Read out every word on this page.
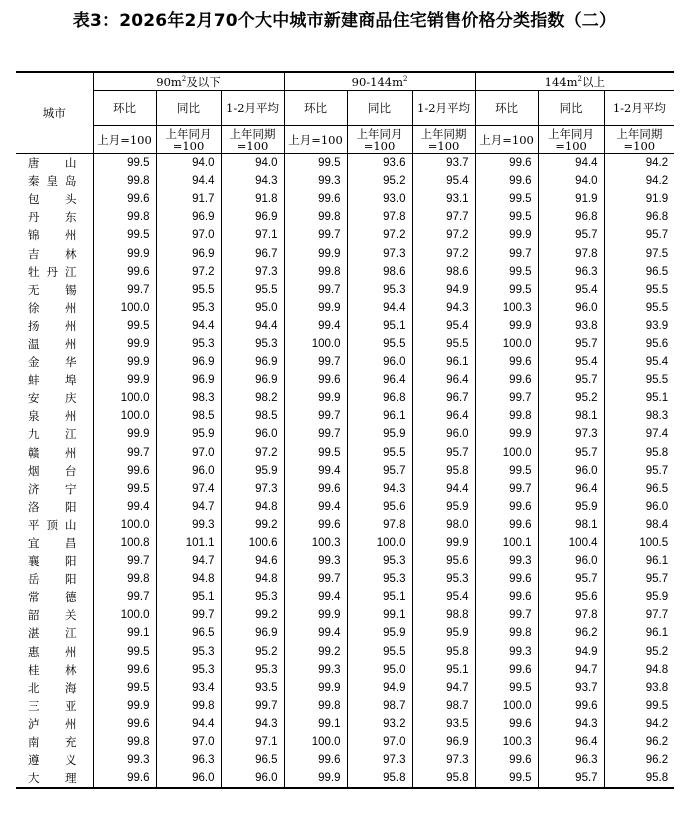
表3：2026年2月70个大中城市新建商品住宅销售价格分类指数（二）
城市	$90m^2$及以下			$90-144m^2$			$144m^2$以上		
	环比	同比	1-2月平均	环比	同比	1-2月平均	环比	同比	1-2月平均
	上月=100	上年同月=100	上年同期=100	上月=100	上年同月=100	上年同期=100	上月=100	上年同月=100	上年同期=100
唐山	99.5	94.0	94.0	99.5	93.6	93.7	99.6	94.4	94.2
秦皇岛	99.8	94.4	94.3	99.3	95.2	95.4	99.6	94.0	94.2
包头	99.6	91.7	91.8	99.6	93.0	93.1	99.5	91.9	91.9
丹东	99.8	96.9	96.9	99.8	97.8	97.7	99.5	96.8	96.8
锦州	99.5	97.0	97.1	99.7	97.2	97.2	99.9	95.7	95.7
吉林	99.9	96.9	96.7	99.9	97.3	97.2	99.7	97.8	97.5
牡丹江	99.6	97.2	97.3	99.8	98.6	98.6	99.5	96.3	96.5
无锡	99.7	95.5	95.5	99.7	95.3	94.9	99.5	95.4	95.5
徐州	100.0	95.3	95.0	99.9	94.4	94.3	100.3	96.0	95.5
扬州	99.5	94.4	94.4	99.4	95.1	95.4	99.9	93.8	93.9
温州	99.9	95.3	95.3	100.0	95.5	95.5	100.0	95.7	95.6
金华	99.9	96.9	96.9	99.7	96.0	96.1	99.6	95.4	95.4
蚌埠	99.9	96.9	96.9	99.6	96.4	96.4	99.6	95.7	95.5
安庆	100.0	98.3	98.2	99.9	96.8	96.7	99.7	95.2	95.1
泉州	100.0	98.5	98.5	99.7	96.1	96.4	99.8	98.1	98.3
九江	99.9	95.9	96.0	99.7	95.9	96.0	99.9	97.3	97.4
赣州	99.7	97.0	97.2	99.5	95.5	95.7	100.0	95.7	95.8
烟台	99.6	96.0	95.9	99.4	95.7	95.8	99.5	96.0	95.7
济宁	99.5	97.4	97.3	99.6	94.3	94.4	99.7	96.4	96.5
洛阳	99.4	94.7	94.8	99.4	95.6	95.9	99.6	95.9	96.0
平顶山	100.0	99.3	99.2	99.6	97.8	98.0	99.6	98.1	98.4
宜昌	100.8	101.1	100.6	100.3	100.0	99.9	100.1	100.4	100.5
襄阳	99.7	94.7	94.6	99.3	95.3	95.6	99.3	96.0	96.1
岳阳	99.8	94.8	94.8	99.7	95.3	95.3	99.6	95.7	95.7
常德	99.7	95.1	95.3	99.4	95.1	95.4	99.6	95.6	95.9
韶关	100.0	99.7	99.2	99.9	99.1	98.8	99.7	97.8	97.7
湛江	99.1	96.5	96.9	99.4	95.9	95.9	99.8	96.2	96.1
惠州	99.5	95.3	95.2	99.2	95.5	95.8	99.3	94.9	95.2
桂林	99.6	95.3	95.3	99.3	95.0	95.1	99.6	94.7	94.8
北海	99.5	93.4	93.5	99.9	94.9	94.7	99.5	93.7	93.8
三亚	99.9	99.8	99.7	99.8	98.7	98.7	100.0	99.6	99.5
泸州	99.6	94.4	94.3	99.1	93.2	93.5	99.6	94.3	94.2
南充	99.8	97.0	97.1	100.0	97.0	96.9	100.3	96.4	96.2
遵义	99.3	96.3	96.5	99.6	97.3	97.3	99.6	96.3	96.2
大理	99.6	96.0	96.0	99.9	95.8	95.8	99.5	95.7	95.8
